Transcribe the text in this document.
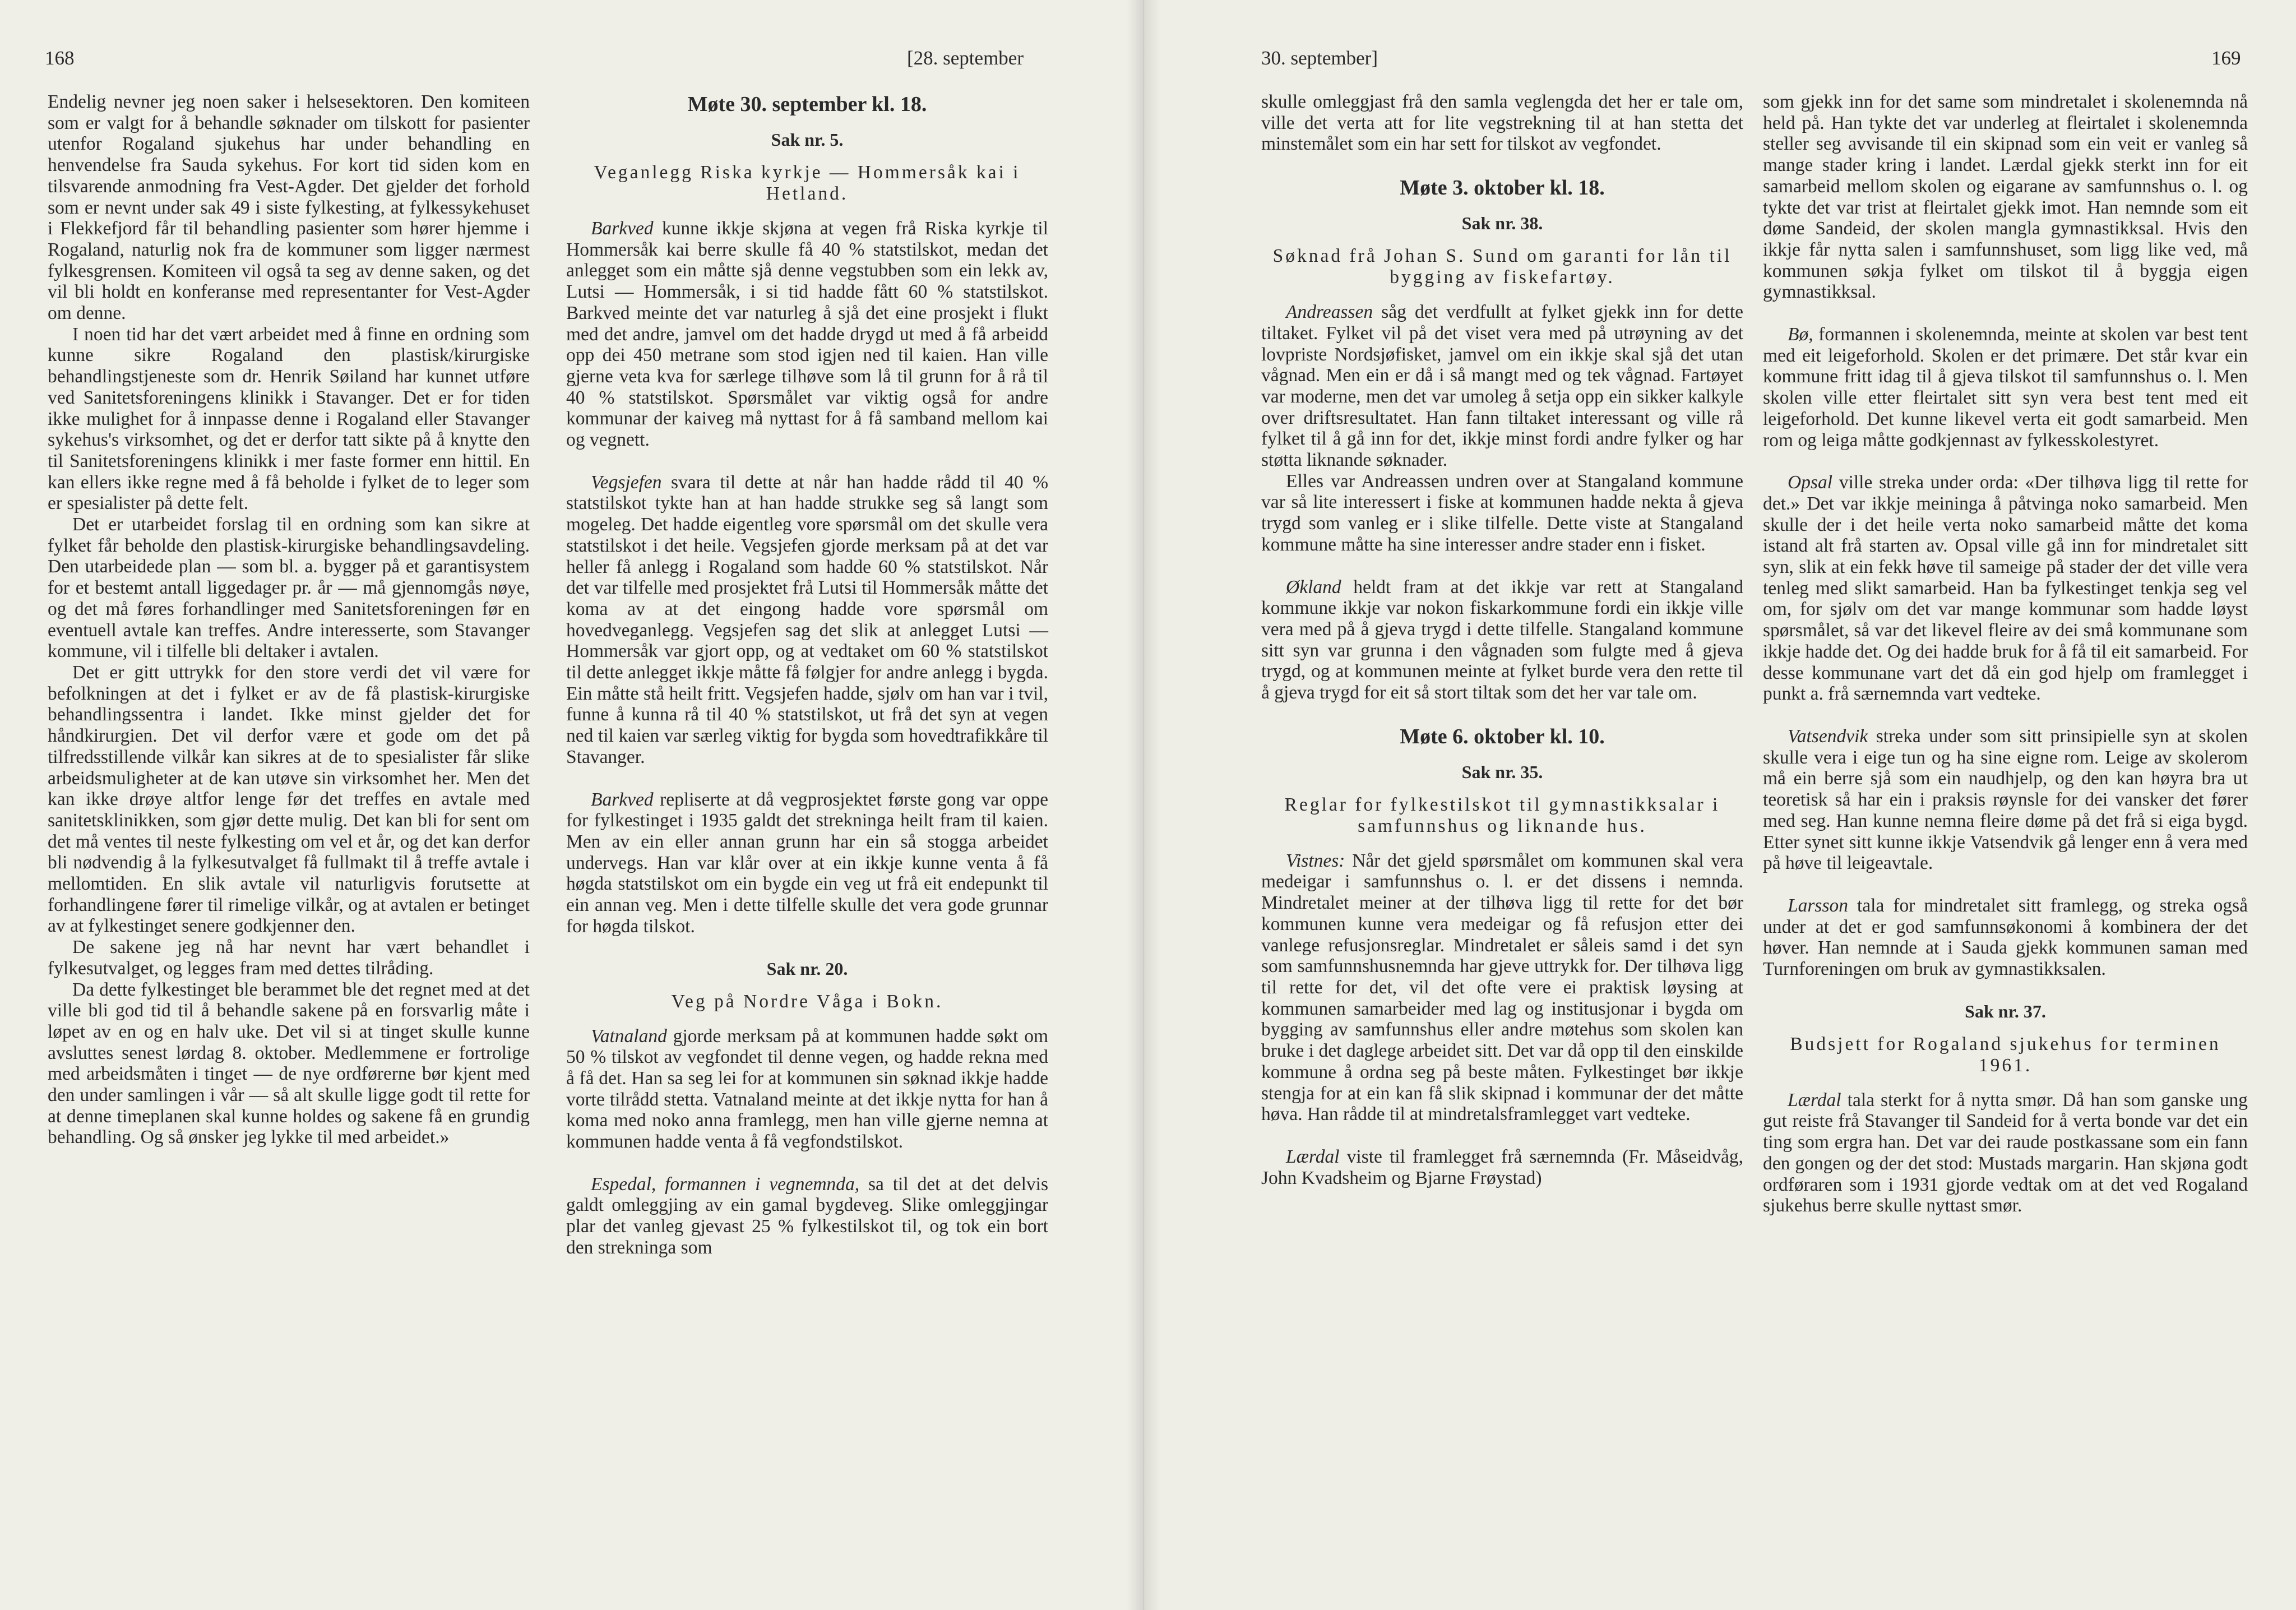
168	[28. september

Endelig nevner jeg noen saker i helsesektoren. Den komiteen som er valgt for å behandle søknader om tilskott for pasienter utenfor Rogaland sjukehus har under behandling en henvendelse fra Sauda sykehus. For kort tid siden kom en tilsvarende anmodning fra Vest-Agder. Det gjelder det forhold som er nevnt under sak 49 i siste fylkesting, at fylkessykehuset i Flekkefjord får til behandling pasienter som hører hjemme i Rogaland, naturlig nok fra de kommuner som ligger nærmest fylkesgrensen. Komiteen vil også ta seg av denne saken, og det vil bli holdt en konferanse med representanter for Vest-Agder om denne.

I noen tid har det vært arbeidet med å finne en ordning som kunne sikre Rogaland den plastisk/kirurgiske behandlingstjeneste som dr. Henrik Søiland har kunnet utføre ved Sanitetsforeningens klinikk i Stavanger. Det er for tiden ikke mulighet for å innpasse denne i Rogaland eller Stavanger sykehus's virksomhet, og det er derfor tatt sikte på å knytte den til Sanitetsforeningens klinikk i mer faste former enn hittil. En kan ellers ikke regne med å få beholde i fylket de to leger som er spesialister på dette felt.

Det er utarbeidet forslag til en ordning som kan sikre at fylket får beholde den plastisk-kirurgiske behandlingsavdeling. Den utarbeidede plan — som bl. a. bygger på et garantisystem for et bestemt antall liggedager pr. år — må gjennomgås nøye, og det må føres forhandlinger med Sanitetsforeningen før en eventuell avtale kan treffes. Andre interesserte, som Stavanger kommune, vil i tilfelle bli deltaker i avtalen.

Det er gitt uttrykk for den store verdi det vil være for befolkningen at det i fylket er av de få plastisk-kirurgiske behandlingssentra i landet. Ikke minst gjelder det for håndkirurgien. Det vil derfor være et gode om det på tilfredsstillende vilkår kan sikres at de to spesialister får slike arbeidsmuligheter at de kan utøve sin virksomhet her. Men det kan ikke drøye altfor lenge før det treffes en avtale med sanitetsklinikken, som gjør dette mulig. Det kan bli for sent om det må ventes til neste fylkesting om vel et år, og det kan derfor bli nødvendig å la fylkesutvalget få fullmakt til å treffe avtale i mellomtiden. En slik avtale vil naturligvis forutsette at forhandlingene fører til rimelige vilkår, og at avtalen er betinget av at fylkestinget senere godkjenner den.

De sakene jeg nå har nevnt har vært behandlet i fylkesutvalget, og legges fram med dettes tilråding.

Da dette fylkestinget ble berammet ble det regnet med at det ville bli god tid til å behandle sakene på en forsvarlig måte i løpet av en og en halv uke. Det vil si at tinget skulle kunne avsluttes senest lørdag 8. oktober. Medlemmene er fortrolige med arbeidsmåten i tinget — de nye ordførerne bør kjent med den under samlingen i vår — så alt skulle ligge godt til rette for at denne timeplanen skal kunne holdes og sakene få en grundig behandling. Og så ønsker jeg lykke til med arbeidet.»

Møte 30. september kl. 18.
Sak nr. 5.

Veganlegg Riska kyrkje — Hommersåk kai i Hetland.

Barkved kunne ikkje skjøna at vegen frå Riska kyrkje til Hommersåk kai berre skulle få 40 % statstilskot, medan det anlegget som ein måtte sjå denne vegstubben som ein lekk av, Lutsi — Hommersåk, i si tid hadde fått 60 % statstilskot. Barkved meinte det var naturleg å sjå det eine prosjekt i flukt med det andre, jamvel om det hadde drygd ut med å få arbeidd opp dei 450 metrane som stod igjen ned til kaien. Han ville gjerne veta kva for særlege tilhøve som lå til grunn for å rå til 40 % statstilskot. Spørsmålet var viktig også for andre kommunar der kaiveg må nyttast for å få samband mellom kai og vegnett.

Vegsjefen svara til dette at når han hadde rådd til 40 % statstilskot tykte han at han hadde strukke seg så langt som mogeleg. Det hadde eigentleg vore spørsmål om det skulle vera statstilskot i det heile. Vegsjefen gjorde merksam på at det var heller få anlegg i Rogaland som hadde 60 % statstilskot. Når det var tilfelle med prosjektet frå Lutsi til Hommersåk måtte det koma av at det eingong hadde vore spørsmål om hovedveganlegg. Vegsjefen sag det slik at anlegget Lutsi — Hommersåk var gjort opp, og at vedtaket om 60 % statstilskot til dette anlegget ikkje måtte få følgjer for andre anlegg i bygda. Ein måtte stå heilt fritt. Vegsjefen hadde, sjølv om han var i tvil, funne å kunna rå til 40 % statstilskot, ut frå det syn at vegen ned til kaien var særleg viktig for bygda som hovedtrafikkåre til Stavanger.

Barkved repliserte at då vegprosjektet første gong var oppe for fylkestinget i 1935 galdt det strekninga heilt fram til kaien. Men av ein eller annan grunn har ein så stogga arbeidet undervegs. Han var klår over at ein ikkje kunne venta å få høgda statstilskot om ein bygde ein veg ut frå eit endepunkt til ein annan veg. Men i dette tilfelle skulle det vera gode grunnar for høgda tilskot.

Sak nr. 20.

Veg på Nordre Våga i Bokn.

Vatnaland gjorde merksam på at kommunen hadde søkt om 50 % tilskot av vegfondet til denne vegen, og hadde rekna med å få det. Han sa seg lei for at kommunen sin søknad ikkje hadde vorte tilrådd stetta. Vatnaland meinte at det ikkje nytta for han å koma med noko anna framlegg, men han ville gjerne nemna at kommunen hadde venta å få vegfondstilskot.

Espedal, formannen i vegnemnda, sa til det at det delvis galdt omleggjing av ein gamal bygdeveg. Slike omleggjingar plar det vanleg gjevast 25 % fylkestilskot til, og tok ein bort den strekninga som

30. september]	169

skulle omleggjast frå den samla veglengda det her er tale om, ville det verta att for lite vegstrekning til at han stetta det minstemålet som ein har sett for tilskot av vegfondet.

Møte 3. oktober kl. 18.
Sak nr. 38.

Søknad frå Johan S. Sund om garanti for lån til bygging av fiskefartøy.

Andreassen såg det verdfullt at fylket gjekk inn for dette tiltaket. Fylket vil på det viset vera med på utrøyning av det lovpriste Nordsjøfisket, jamvel om ein ikkje skal sjå det utan vågnad. Men ein er då i så mangt med og tek vågnad. Fartøyet var moderne, men det var umoleg å setja opp ein sikker kalkyle over driftsresultatet. Han fann tiltaket interessant og ville rå fylket til å gå inn for det, ikkje minst fordi andre fylker og har støtta liknande søknader.

Elles var Andreassen undren over at Stangaland kommune var så lite interessert i fiske at kommunen hadde nekta å gjeva trygd som vanleg er i slike tilfelle. Dette viste at Stangaland kommune måtte ha sine interesser andre stader enn i fisket.

Økland heldt fram at det ikkje var rett at Stangaland kommune ikkje var nokon fiskarkommune fordi ein ikkje ville vera med på å gjeva trygd i dette tilfelle. Stangaland kommune sitt syn var grunna i den vågnaden som fulgte med å gjeva trygd, og at kommunen meinte at fylket burde vera den rette til å gjeva trygd for eit så stort tiltak som det her var tale om.

Møte 6. oktober kl. 10.
Sak nr. 35.

Reglar for fylkestilskot til gymnastikksalar i samfunnshus og liknande hus.

Vistnes: Når det gjeld spørsmålet om kommunen skal vera medeigar i samfunnshus o. l. er det dissens i nemnda. Mindretalet meiner at der tilhøva ligg til rette for det bør kommunen kunne vera medeigar og få refusjon etter dei vanlege refusjonsreglar. Mindretalet er såleis samd i det syn som samfunnshusnemnda har gjeve uttrykk for. Der tilhøva ligg til rette for det, vil det ofte vere ei praktisk løysing at kommunen samarbeider med lag og institusjonar i bygda om bygging av samfunnshus eller andre møtehus som skolen kan bruke i det daglege arbeidet sitt. Det var då opp til den einskilde kommune å ordna seg på beste måten. Fylkestinget bør ikkje stengja for at ein kan få slik skipnad i kommunar der det måtte høva. Han rådde til at mindretalsframlegget vart vedteke.

Lærdal viste til framlegget frå særnemnda (Fr. Måseidvåg, John Kvadsheim og Bjarne Frøystad)

som gjekk inn for det same som mindretalet i skolenemnda nå held på. Han tykte det var underleg at fleirtalet i skolenemnda steller seg avvisande til ein skipnad som ein veit er vanleg så mange stader kring i landet. Lærdal gjekk sterkt inn for eit samarbeid mellom skolen og eigarane av samfunnshus o. l. og tykte det var trist at fleirtalet gjekk imot. Han nemnde som eit døme Sandeid, der skolen mangla gymnastikksal. Hvis den ikkje får nytta salen i samfunnshuset, som ligg like ved, må kommunen søkja fylket om tilskot til å byggja eigen gymnastikksal.

Bø, formannen i skolenemnda, meinte at skolen var best tent med eit leigeforhold. Skolen er det primære. Det står kvar ein kommune fritt idag til å gjeva tilskot til samfunnshus o. l. Men skolen ville etter fleirtalet sitt syn vera best tent med eit leigeforhold. Det kunne likevel verta eit godt samarbeid. Men rom og leiga måtte godkjennast av fylkesskolestyret.

Opsal ville streka under orda: «Der tilhøva ligg til rette for det.» Det var ikkje meininga å påtvinga noko samarbeid. Men skulle der i det heile verta noko samarbeid måtte det koma istand alt frå starten av. Opsal ville gå inn for mindretalet sitt syn, slik at ein fekk høve til sameige på stader der det ville vera tenleg med slikt samarbeid. Han ba fylkestinget tenkja seg vel om, for sjølv om det var mange kommunar som hadde løyst spørsmålet, så var det likevel fleire av dei små kommunane som ikkje hadde det. Og dei hadde bruk for å få til eit samarbeid. For desse kommunane vart det då ein god hjelp om framlegget i punkt a. frå særnemnda vart vedteke.

Vatsendvik streka under som sitt prinsipielle syn at skolen skulle vera i eige tun og ha sine eigne rom. Leige av skolerom må ein berre sjå som ein naudhjelp, og den kan høyra bra ut teoretisk så har ein i praksis røynsle for dei vansker det fører med seg. Han kunne nemna fleire døme på det frå si eiga bygd. Etter synet sitt kunne ikkje Vatsendvik gå lenger enn å vera med på høve til leigeavtale.

Larsson tala for mindretalet sitt framlegg, og streka også under at det er god samfunnsøkonomi å kombinera der det høver. Han nemnde at i Sauda gjekk kommunen saman med Turnforeningen om bruk av gymnastikksalen.

Sak nr. 37.

Budsjett for Rogaland sjukehus for terminen 1961.

Lærdal tala sterkt for å nytta smør. Då han som ganske ung gut reiste frå Stavanger til Sandeid for å verta bonde var det ein ting som ergra han. Det var dei raude postkassane som ein fann den gongen og der det stod: Mustads margarin. Han skjøna godt ordføraren som i 1931 gjorde vedtak om at det ved Rogaland sjukehus berre skulle nyttast smør.
